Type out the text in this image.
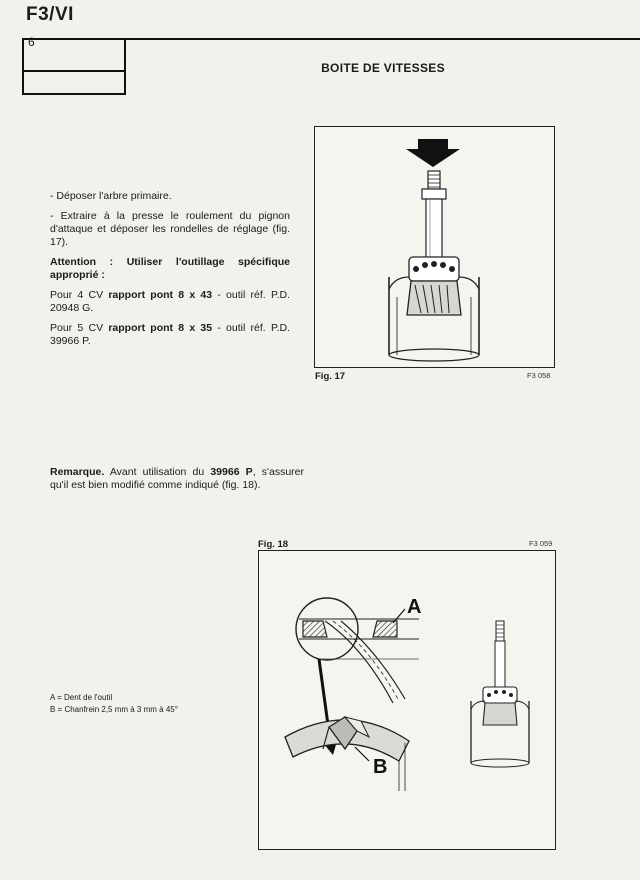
F3/VI
6
BOITE DE VITESSES

- Déposer l'arbre primaire.

- Extraire à la presse le roulement du pignon d'attaque et déposer les rondelles de réglage (fig. 17).

Attention : Utiliser l'outillage spécifique approprié :

Pour 4 CV rapport pont 8 x 43 - outil réf. P.D. 20948 G.

Pour 5 CV rapport pont 8 x 35 - outil réf. P.D. 39966 P.

Fig. 17	F3 058
Remarque. Avant utilisation du 39966 P, s'assurer qu'il est bien modifié comme indiqué (fig. 18).
Fig. 18	F3 059
A
B
A = Dent de l'outil
B = Chanfrein 2,5 mm à 3 mm à 45°
